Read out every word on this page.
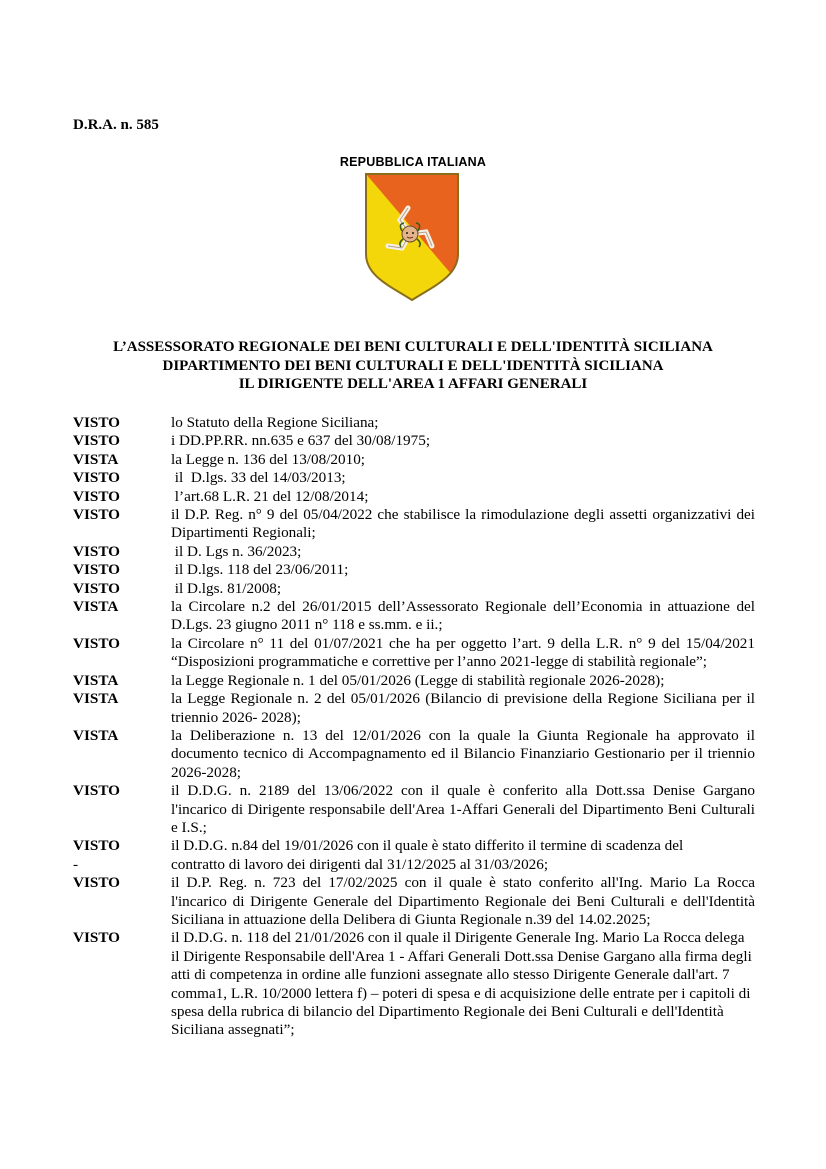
D.R.A. n. 585
REPUBBLICA ITALIANA
L’ASSESSORATO REGIONALE DEI BENI CULTURALI E DELL'IDENTITÀ SICILIANA
DIPARTIMENTO DEI BENI CULTURALI E DELL'IDENTITÀ SICILIANA
IL DIRIGENTE DELL'AREA 1 AFFARI GENERALI
VISTO	lo Statuto della Regione Siciliana;
VISTO	i DD.PP.RR. nn.635 e 637 del 30/08/1975;
VISTA	la Legge n. 136 del 13/08/2010;
VISTO	il  D.lgs. 33 del 14/03/2013;
VISTO	l’art.68 L.R. 21 del 12/08/2014;
VISTO	il D.P. Reg. n° 9 del 05/04/2022 che stabilisce la rimodulazione degli assetti organizzativi dei Dipartimenti Regionali;
VISTO	il D. Lgs n. 36/2023;
VISTO	il D.lgs. 118 del 23/06/2011;
VISTO	il D.lgs. 81/2008;
VISTA	la Circolare n.2 del 26/01/2015 dell’Assessorato Regionale dell’Economia in attuazione del D.Lgs. 23 giugno 2011 n° 118 e ss.mm. e ii.;
VISTO	la Circolare n° 11 del 01/07/2021 che ha per oggetto l’art. 9 della L.R. n° 9 del 15/04/2021 “Disposizioni programmatiche e correttive per l’anno 2021-legge di stabilità regionale”;
VISTA	la Legge Regionale n. 1 del 05/01/2026 (Legge di stabilità regionale 2026-2028);
VISTA	la Legge Regionale n. 2 del 05/01/2026 (Bilancio di previsione della Regione Siciliana per il triennio 2026- 2028);
VISTA	la Deliberazione n. 13 del 12/01/2026 con la quale la Giunta Regionale ha approvato il documento tecnico di Accompagnamento ed il Bilancio Finanziario Gestionario per il triennio 2026-2028;
VISTO	il D.D.G. n. 2189 del 13/06/2022 con il quale è conferito alla Dott.ssa Denise Gargano l'incarico di Dirigente responsabile dell'Area 1-Affari Generali del Dipartimento Beni Culturali e I.S.;
VISTO	il D.D.G. n.84 del 19/01/2026 con il quale è stato differito il termine di scadenza del
-	contratto di lavoro dei dirigenti dal 31/12/2025 al 31/03/2026;
VISTO	il D.P. Reg. n. 723 del 17/02/2025 con il quale è stato conferito all'Ing. Mario La Rocca l'incarico di Dirigente Generale del Dipartimento Regionale dei Beni Culturali e dell'Identità Siciliana in attuazione della Delibera di Giunta Regionale n.39 del 14.02.2025;
VISTO	il D.D.G. n. 118 del 21/01/2026 con il quale il Dirigente Generale Ing. Mario La Rocca delega il Dirigente Responsabile dell'Area 1 - Affari Generali Dott.ssa Denise Gargano alla firma degli atti di competenza in ordine alle funzioni assegnate allo stesso Dirigente Generale dall'art. 7 comma1, L.R. 10/2000 lettera f) – poteri di spesa e di acquisizione delle entrate per i capitoli di spesa della rubrica di bilancio del Dipartimento Regionale dei Beni Culturali e dell'Identità Siciliana assegnati”;
